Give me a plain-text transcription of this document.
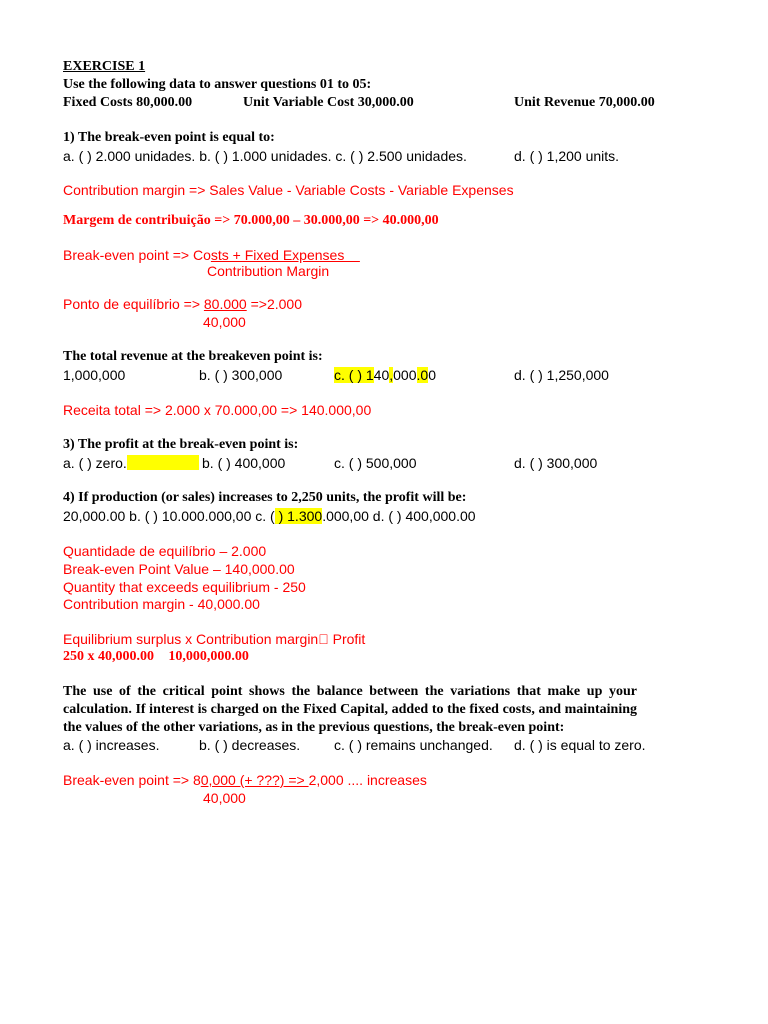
EXERCISE 1
Use the following data to answer questions 01 to 05:
Fixed Costs 80,000.00	Unit Variable Cost 30,000.00	Unit Revenue 70,000.00
1) The break-even point is equal to:
a. ( ) 2.000 unidades. b. ( ) 1.000 unidades. c. ( ) 2.500 unidades.	d. ( ) 1,200 units.
Contribution margin => Sales Value - Variable Costs - Variable Expenses
Margem de contribuição => 70.000,00 – 30.000,00 => 40.000,00
Break-even point => Costs + Fixed Expenses
Contribution Margin
Ponto de equilíbrio => 80.000 =>2.000
40,000
The total revenue at the breakeven point is:
1,000,000	b. ( ) 300,000	c. ( ) 140,000.00	d. ( ) 1,250,000
Receita total => 2.000 x 70.000,00 => 140.000,00
3) The profit at the break-even point is:
a. ( ) zero.	b. ( ) 400,000	c. ( ) 500,000	d. ( ) 300,000
4) If production (or sales) increases to 2,250 units, the profit will be:
20,000.00 b. ( ) 10.000.000,00 c. ( ) 1.300.000,00 d. ( ) 400,000.00
Quantidade de equilíbrio – 2.000
Break-even Point Value – 140,000.00
Quantity that exceeds equilibrium - 250
Contribution margin - 40,000.00
Equilibrium surplus x Contribution margin  Profit
250 x 40,000.00  10,000,000.00
The use of the critical point shows the balance between the variations that make up your calculation. If interest is charged on the Fixed Capital, added to the fixed costs, and maintaining the values of the other variations, as in the previous questions, the break-even point:
a. ( ) increases.	b. ( ) decreases. c. ( ) remains unchanged. d. ( ) is equal to zero.
Break-even point => 80,000 (+ ???) => 2,000 .... increases
40,000
